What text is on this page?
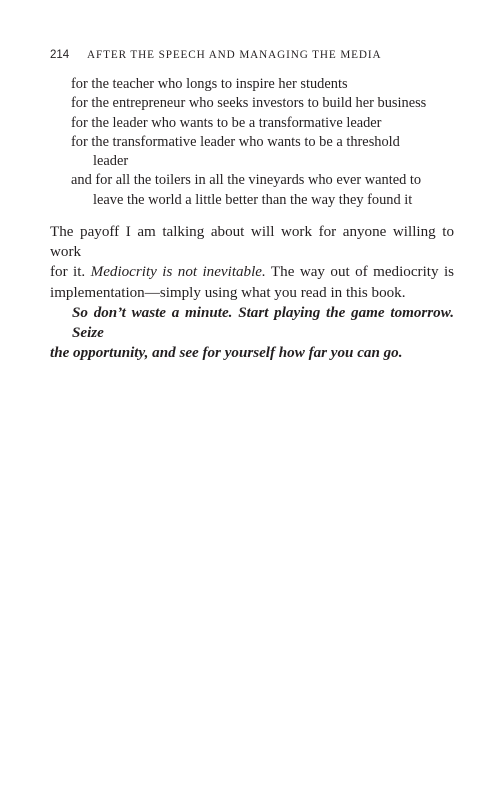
214 AFTER THE SPEECH AND MANAGING THE MEDIA
for the teacher who longs to inspire her students
for the entrepreneur who seeks investors to build her business
for the leader who wants to be a transformative leader
for the transformative leader who wants to be a threshold
leader
and for all the toilers in all the vineyards who ever wanted to
leave the world a little better than the way they found it

The payoff I am talking about will work for anyone willing to work
for it. Mediocrity is not inevitable. The way out of mediocrity is
implementation—simply using what you read in this book.

So don’t waste a minute. Start playing the game tomorrow. Seize
the opportunity, and see for yourself how far you can go.
